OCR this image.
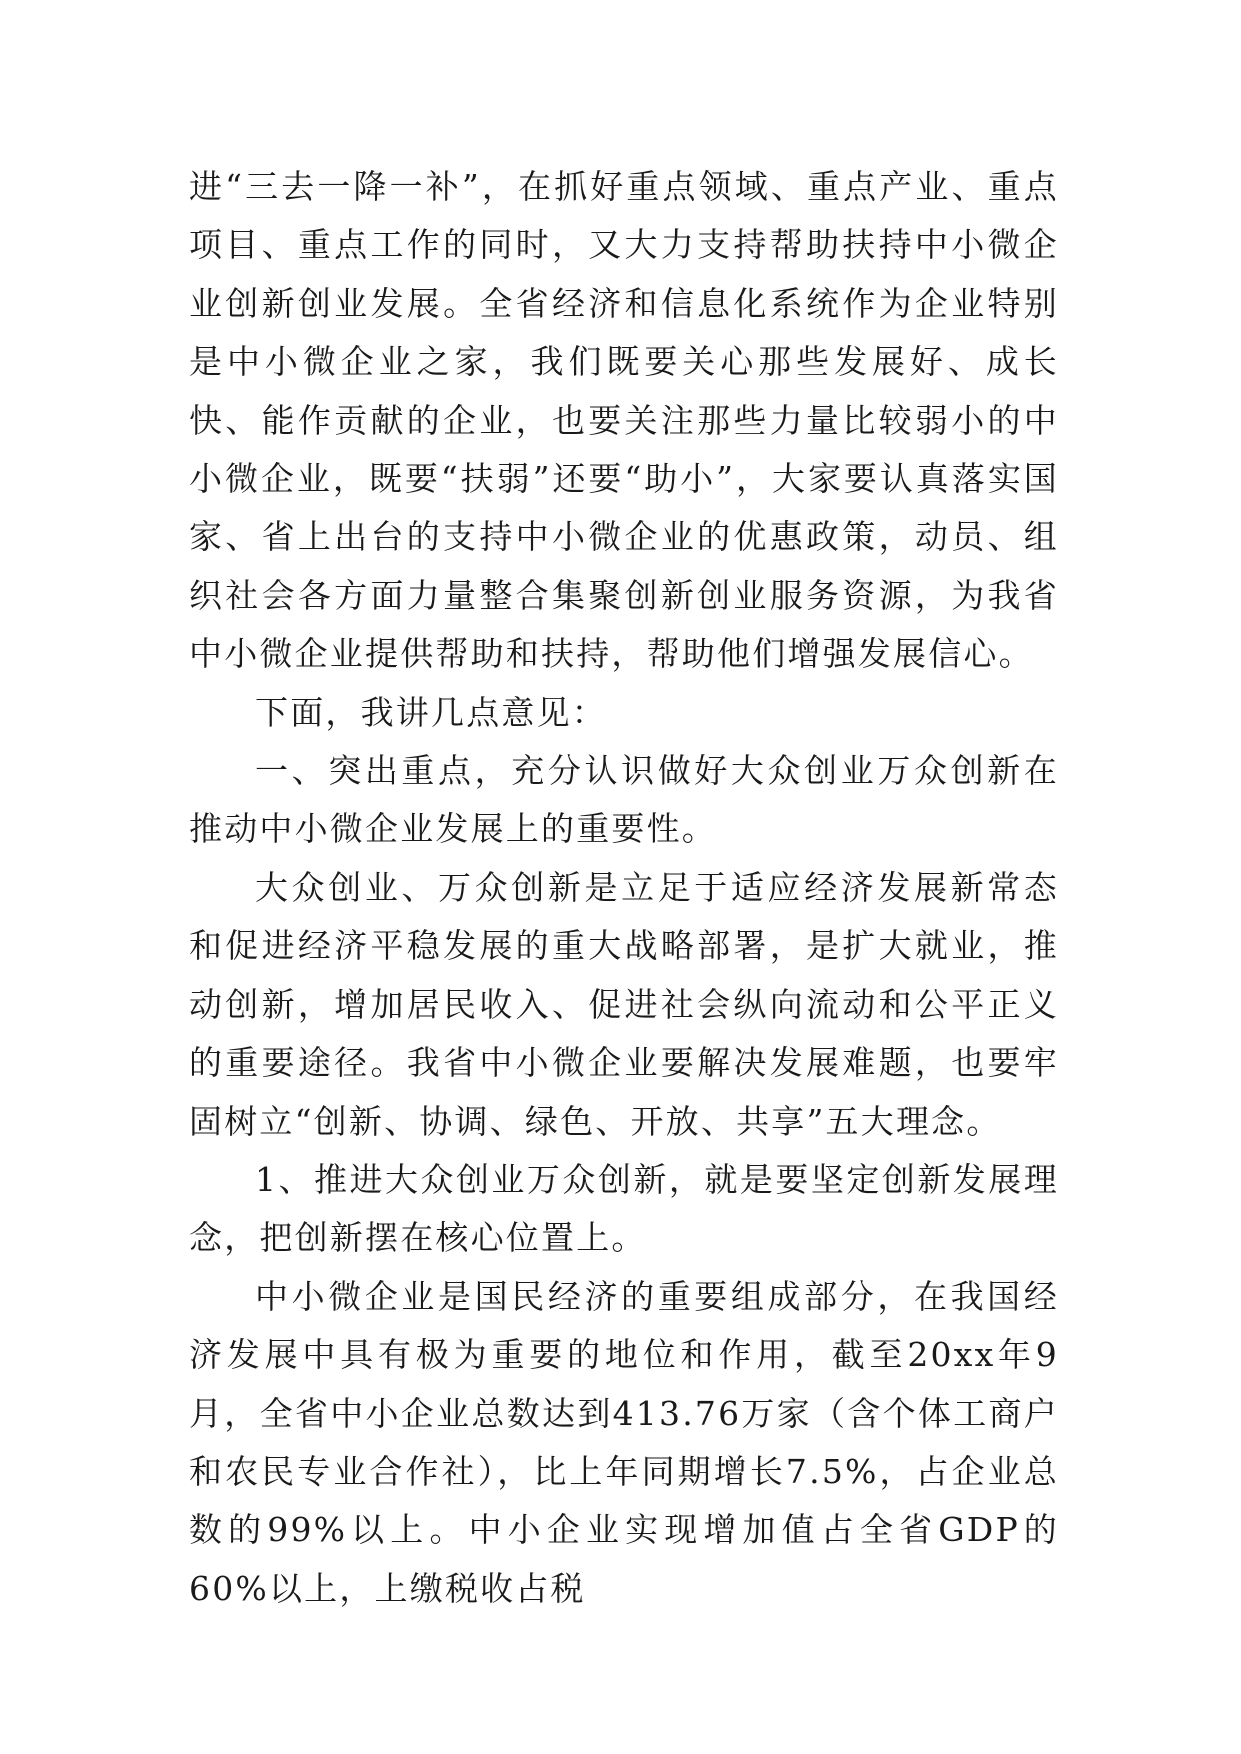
进“三去一降一补”，在抓好重点领域、重点产业、重点项目、重点工作的同时，又大力支持帮助扶持中小微企业创新创业发展。全省经济和信息化系统作为企业特别是中小微企业之家，我们既要关心那些发展好、成长快、能作贡献的企业，也要关注那些力量比较弱小的中小微企业，既要“扶弱”还要“助小”，大家要认真落实国家、省上出台的支持中小微企业的优惠政策，动员、组织社会各方面力量整合集聚创新创业服务资源，为我省中小微企业提供帮助和扶持，帮助他们增强发展信心。

下面，我讲几点意见：

一、突出重点，充分认识做好大众创业万众创新在推动中小微企业发展上的重要性。

大众创业、万众创新是立足于适应经济发展新常态和促进经济平稳发展的重大战略部署，是扩大就业，推动创新，增加居民收入、促进社会纵向流动和公平正义的重要途径。我省中小微企业要解决发展难题，也要牢固树立“创新、协调、绿色、开放、共享”五大理念。

1、推进大众创业万众创新，就是要坚定创新发展理念，把创新摆在核心位置上。

中小微企业是国民经济的重要组成部分，在我国经济发展中具有极为重要的地位和作用，截至20xx年9月，全省中小企业总数达到413.76万家（含个体工商户和农民专业合作社），比上年同期增长7.5%，占企业总数的99%以上。中小企业实现增加值占全省GDP的60%以上，上缴税收占税
